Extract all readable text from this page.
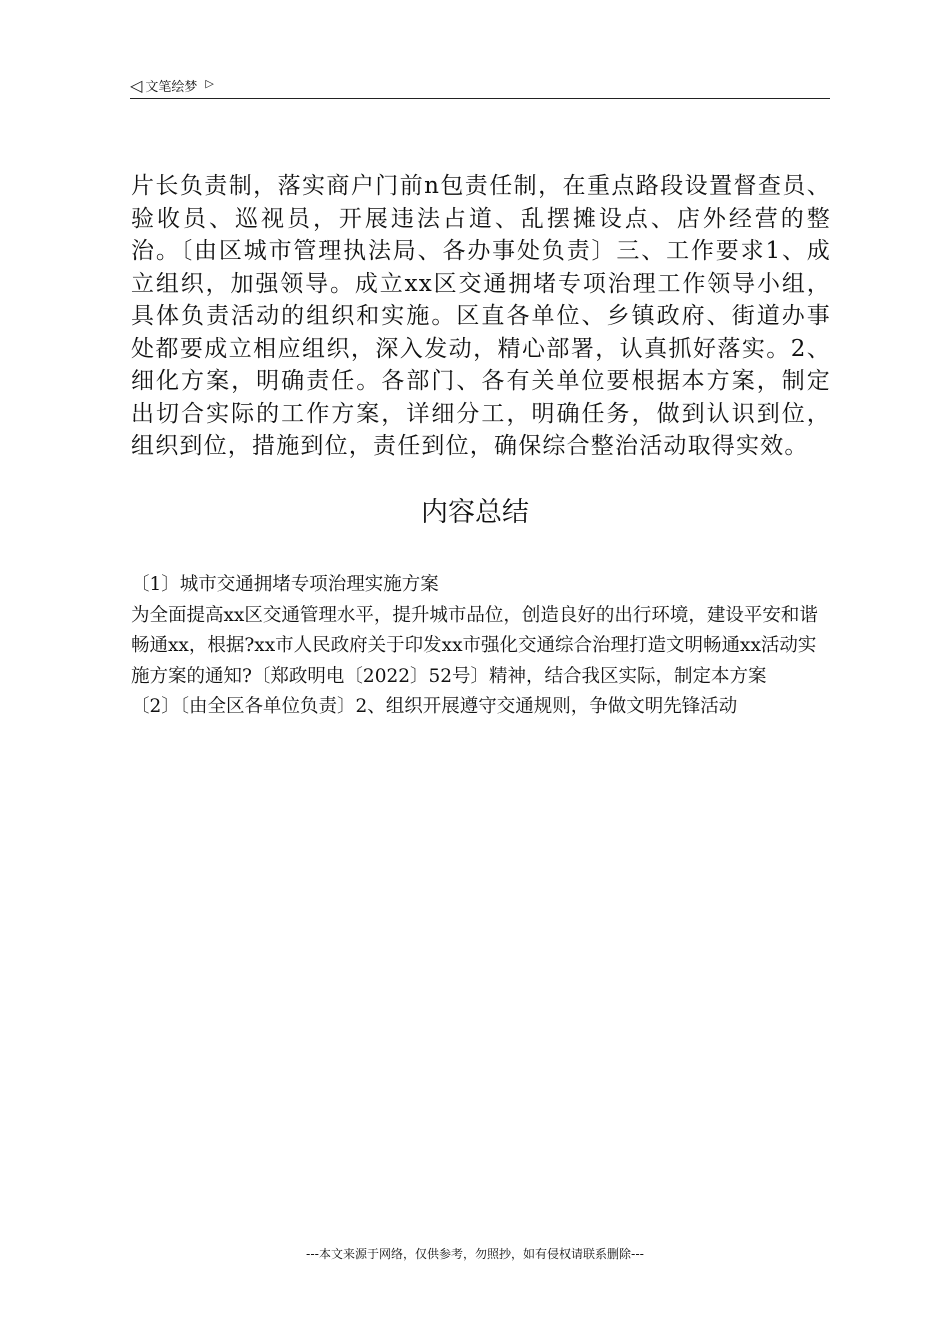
◁ 文笔绘梦 ▷

片长负责制，落实商户门前n包责任制，在重点路段设置督查员、验收员、巡视员，开展违法占道、乱摆摊设点、店外经营的整治。〔由区城市管理执法局、各办事处负责〕三、工作要求1、成立组织，加强领导。成立xx区交通拥堵专项治理工作领导小组，具体负责活动的组织和实施。区直各单位、乡镇政府、街道办事处都要成立相应组织，深入发动，精心部署，认真抓好落实。2、细化方案，明确责任。各部门、各有关单位要根据本方案，制定出切合实际的工作方案，详细分工，明确任务，做到认识到位，组织到位，措施到位，责任到位，确保综合整治活动取得实效。

内容总结

〔1〕城市交通拥堵专项治理实施方案

为全面提高xx区交通管理水平，提升城市品位，创造良好的出行环境，建设平安和谐畅通xx，根据?xx市人民政府关于印发xx市强化交通综合治理打造文明畅通xx活动实施方案的通知?〔郑政明电〔2022〕52号〕精神，结合我区实际，制定本方案

〔2〕〔由全区各单位负责〕2、组织开展遵守交通规则，争做文明先锋活动

---本文来源于网络，仅供参考，勿照抄，如有侵权请联系删除---
